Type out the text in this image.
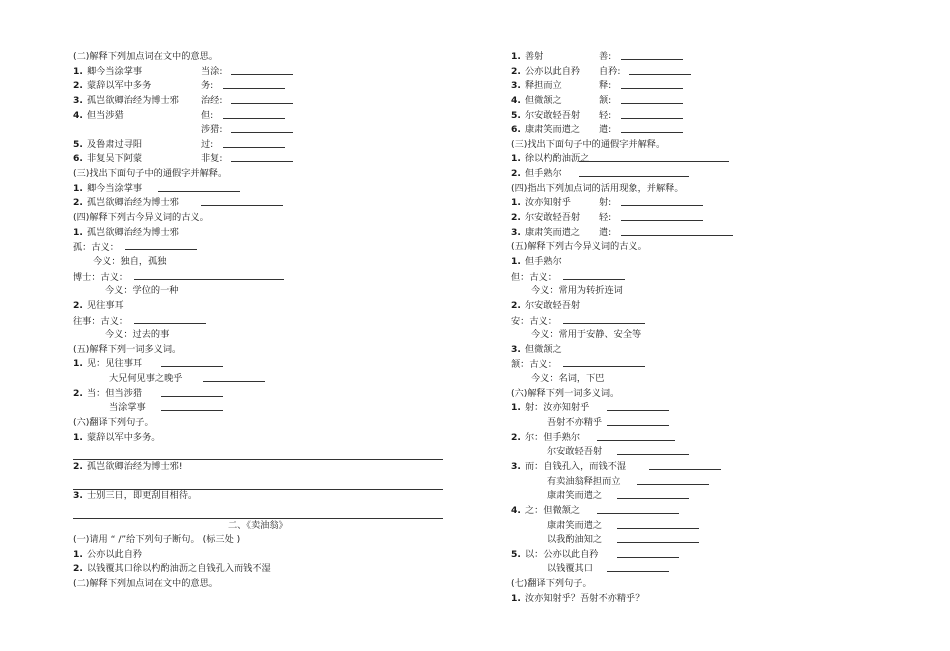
(二)解释下列加点词在文中的意思。
1. 卿今当涂掌事	当涂:
2. 蒙辞以军中多务	务:
3. 孤岂欲卿治经为博士邪 治经:
4. 但当涉猎	但:
涉猎:
5. 及鲁肃过寻阳	过:
6. 非复吴下阿蒙	非复:
(三)找出下面句子中的通假字并解释。
1. 卿今当涂掌事
2. 孤岂欲卿治经为博士邪
(四)解释下列古今异义词的古义。
1. 孤岂欲卿治经为博士邪
孤：古义：
今义：独自，孤独
博士：古义：
今义：学位的一种
2. 见往事耳
往事：古义：
今义：过去的事
(五)解释下列一词多义词。
1. 见：见往事耳
大兄何见事之晚乎
2. 当：但当涉猎
当涂掌事
(六)翻译下列句子。
1. 蒙辞以军中多务。
2. 孤岂欲卿治经为博士邪!
3. 士别三日，即更刮目相待。
二、《卖油翁》
(一)请用 “ /”给下列句子断句。 (标三处 )
1. 公亦以此自矜
2. 以钱覆其口徐以杓酌油沥之自钱孔入而钱不湿
(二)解释下列加点词在文中的意思。
1. 善射	善:
2. 公亦以此自矜 自矜:
3. 释担而立	释:
4. 但微颔之	颔:
5. 尔安敢轻吾射 轻:
6. 康肃笑而遣之 遣:
(三)找出下面句子中的通假字并解释。
1. 徐以杓酌油沥之
2. 但手熟尔
(四)指出下列加点词的活用现象，并解释。
1. 汝亦知射乎	射:
2. 尔安敢轻吾射 轻:
3. 康肃笑而遣之 遣:
(五)解释下列古今异义词的古义。
1. 但手熟尔
但：古义：
今义：常用为转折连词
2. 尔安敢轻吾射
安：古义：
今义：常用于安静、安全等
3. 但微颔之
颔：古义：
今义：名词，下巴
(六)解释下列一词多义词。
1. 射：汝亦知射乎
吾射不亦精乎
2. 尔：但手熟尔
尔安敢轻吾射
3. 而：自钱孔入，而钱不湿
有卖油翁释担而立
康肃笑而遣之
4. 之：但微颔之
康肃笑而遣之
以我酌油知之
5. 以：公亦以此自矜
以钱覆其口
(七)翻译下列句子。
1. 汝亦知射乎？吾射不亦精乎？
